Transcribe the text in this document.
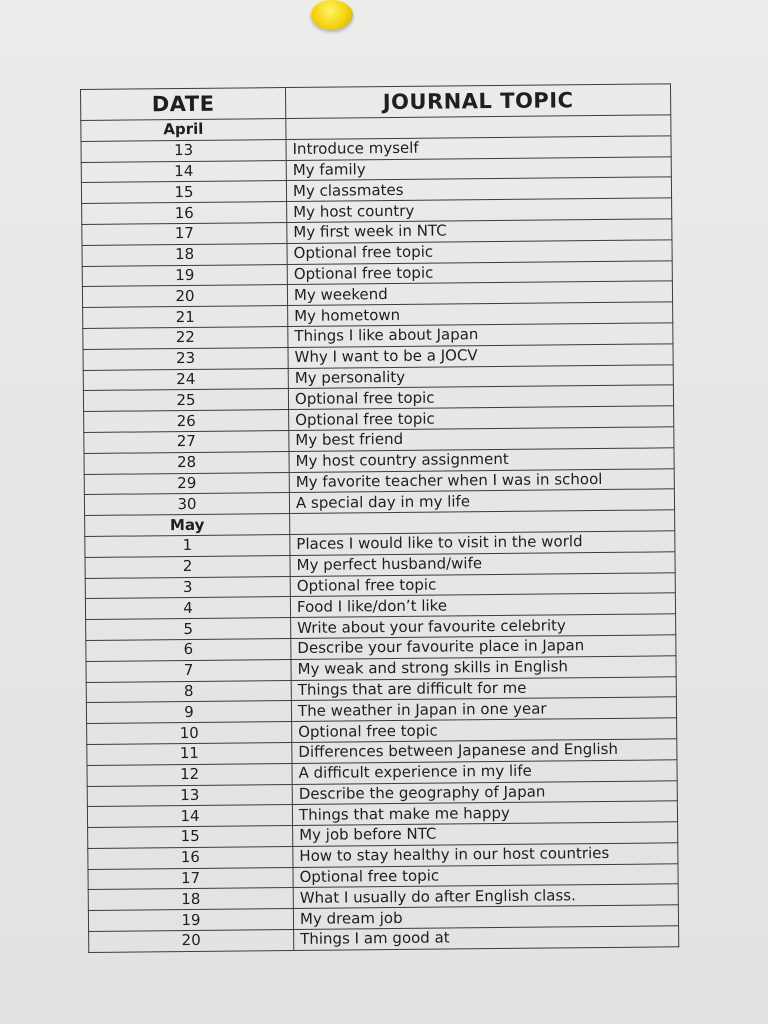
DATE	JOURNAL TOPIC
April	
13	Introduce myself
14	My family
15	My classmates
16	My host country
17	My first week in NTC
18	Optional free topic
19	Optional free topic
20	My weekend
21	My hometown
22	Things I like about Japan
23	Why I want to be a JOCV
24	My personality
25	Optional free topic
26	Optional free topic
27	My best friend
28	My host country assignment
29	My favorite teacher when I was in school
30	A special day in my life
May	
1	Places I would like to visit in the world
2	My perfect husband/wife
3	Optional free topic
4	Food I like/don’t like
5	Write about your favourite celebrity
6	Describe your favourite place in Japan
7	My weak and strong skills in English
8	Things that are difficult for me
9	The weather in Japan in one year
10	Optional free topic
11	Differences between Japanese and English
12	A difficult experience in my life
13	Describe the geography of Japan
14	Things that make me happy
15	My job before NTC
16	How to stay healthy in our host countries
17	Optional free topic
18	What I usually do after English class.
19	My dream job
20	Things I am good at
